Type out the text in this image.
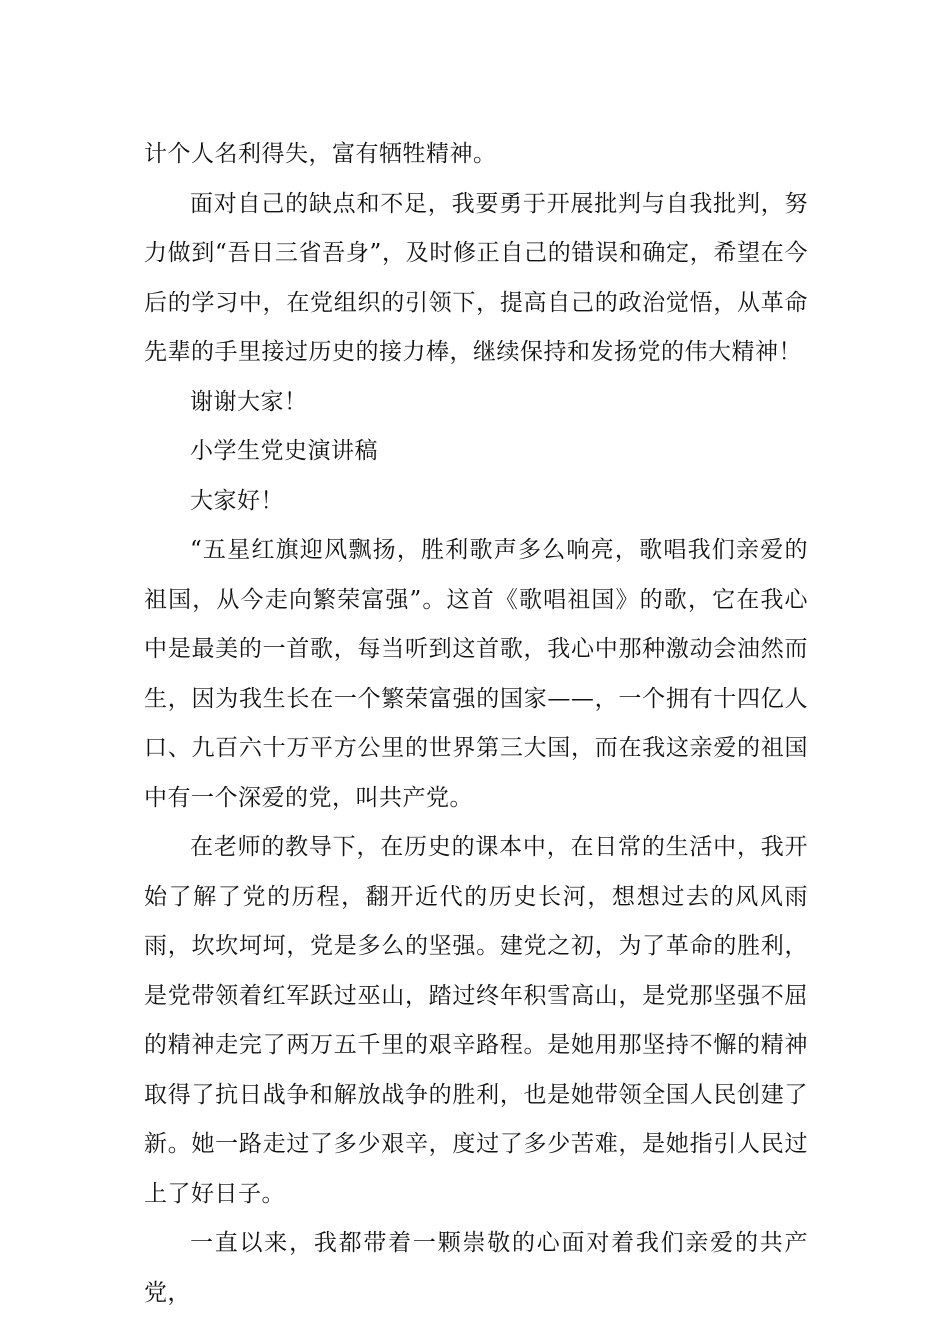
计个人名利得失，富有牺牲精神。

面对自己的缺点和不足，我要勇于开展批判与自我批判，努力做到“吾日三省吾身”，及时修正自己的错误和确定，希望在今后的学习中，在党组织的引领下，提高自己的政治觉悟，从革命先辈的手里接过历史的接力棒，继续保持和发扬党的伟大精神！

谢谢大家！

小学生党史演讲稿

大家好！

“五星红旗迎风飘扬，胜利歌声多么响亮，歌唱我们亲爱的祖国，从今走向繁荣富强”。这首《歌唱祖国》的歌，它在我心中是最美的一首歌，每当听到这首歌，我心中那种激动会油然而生，因为我生长在一个繁荣富强的国家——，一个拥有十四亿人口、九百六十万平方公里的世界第三大国，而在我这亲爱的祖国中有一个深爱的党，叫共产党。

在老师的教导下，在历史的课本中，在日常的生活中，我开始了解了党的历程，翻开近代的历史长河，想想过去的风风雨雨，坎坎坷坷，党是多么的坚强。建党之初，为了革命的胜利，是党带领着红军跃过巫山，踏过终年积雪高山，是党那坚强不屈的精神走完了两万五千里的艰辛路程。是她用那坚持不懈的精神取得了抗日战争和解放战争的胜利，也是她带领全国人民创建了新。她一路走过了多少艰辛，度过了多少苦难，是她指引人民过上了好日子。

一直以来，我都带着一颗崇敬的心面对着我们亲爱的共产党，
